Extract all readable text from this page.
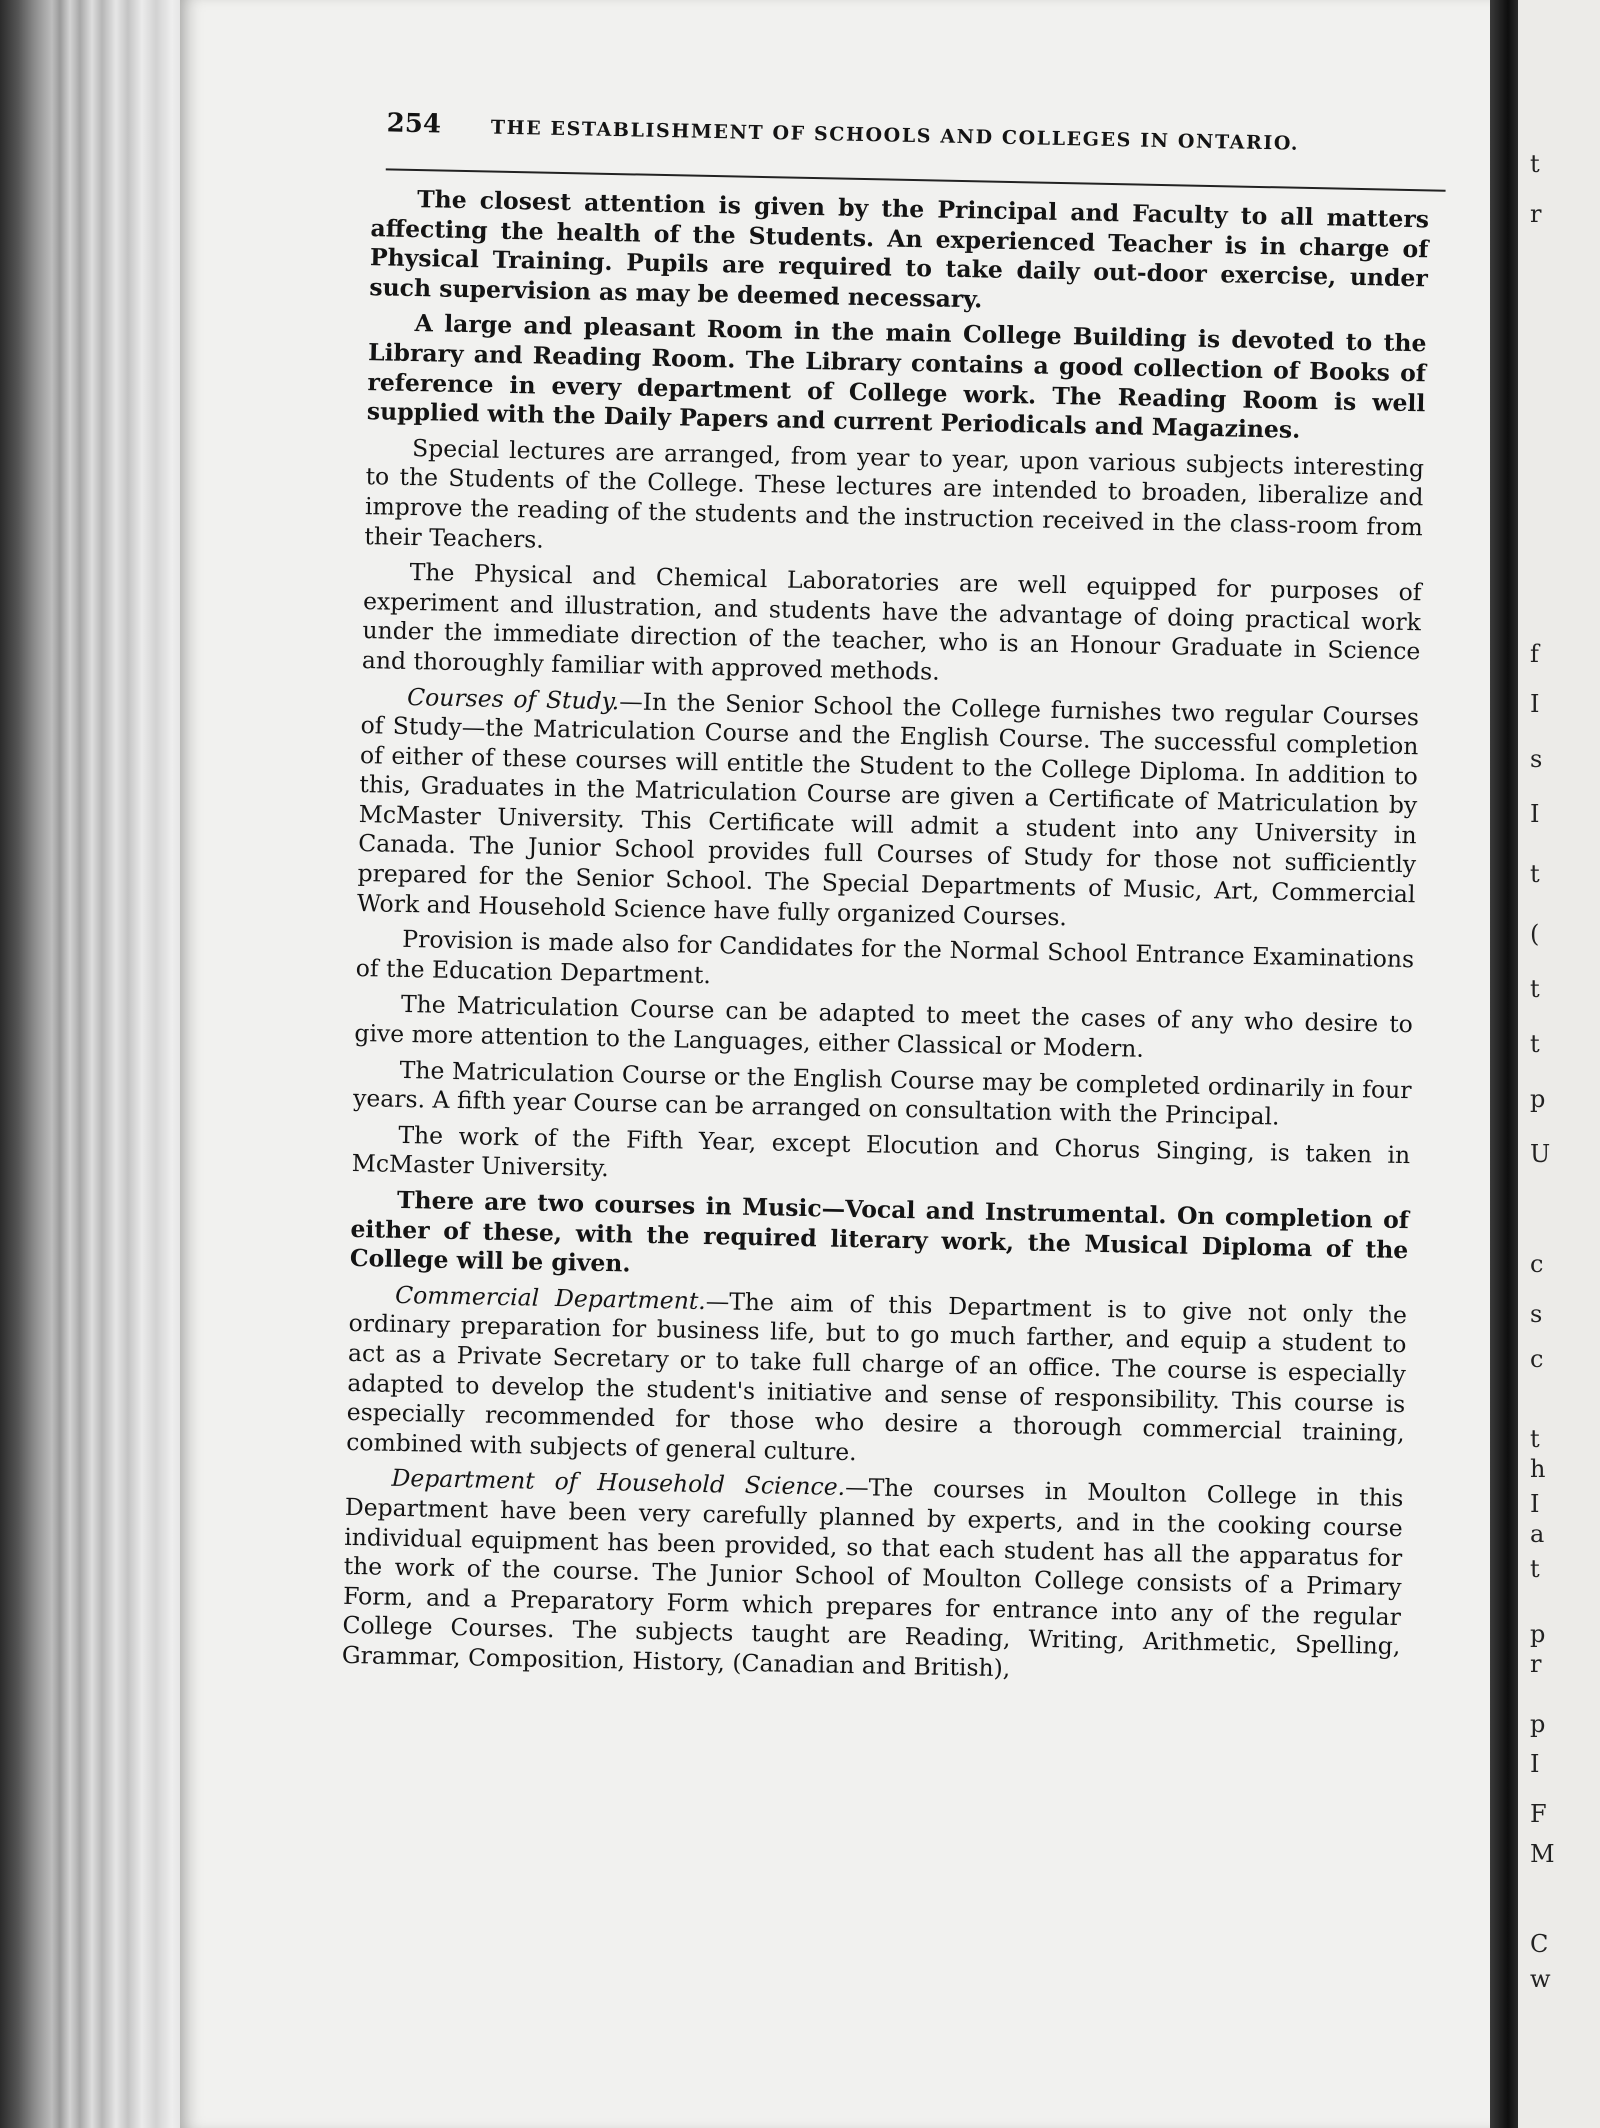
254	THE ESTABLISHMENT OF SCHOOLS AND COLLEGES IN ONTARIO.

The closest attention is given by the Principal and Faculty to all matters affecting the health of the Students. An experienced Teacher is in charge of Physical Training. Pupils are required to take daily out-door exercise, under such supervision as may be deemed necessary.

A large and pleasant Room in the main College Building is devoted to the Library and Reading Room. The Library contains a good collection of Books of reference in every department of College work. The Reading Room is well supplied with the Daily Papers and current Periodicals and Magazines.

Special lectures are arranged, from year to year, upon various subjects interesting to the Students of the College. These lectures are intended to broaden, liberalize and improve the reading of the students and the instruction received in the class-room from their Teachers.

The Physical and Chemical Laboratories are well equipped for purposes of experiment and illustration, and students have the advantage of doing practical work under the immediate direction of the teacher, who is an Honour Graduate in Science and thoroughly familiar with approved methods.

Courses of Study.—In the Senior School the College furnishes two regular Courses of Study—the Matriculation Course and the English Course. The successful completion of either of these courses will entitle the Student to the College Diploma. In addition to this, Graduates in the Matriculation Course are given a Certificate of Matriculation by McMaster University. This Certificate will admit a student into any University in Canada. The Junior School provides full Courses of Study for those not sufficiently prepared for the Senior School. The Special Departments of Music, Art, Commercial Work and Household Science have fully organized Courses.

Provision is made also for Candidates for the Normal School Entrance Examinations of the Education Department.

The Matriculation Course can be adapted to meet the cases of any who desire to give more attention to the Languages, either Classical or Modern.

The Matriculation Course or the English Course may be completed ordinarily in four years. A fifth year Course can be arranged on consultation with the Principal.

The work of the Fifth Year, except Elocution and Chorus Singing, is taken in McMaster University.

There are two courses in Music—Vocal and Instrumental. On completion of either of these, with the required literary work, the Musical Diploma of the College will be given.

Commercial Department.—The aim of this Department is to give not only the ordinary preparation for business life, but to go much farther, and equip a student to act as a Private Secretary or to take full charge of an office. The course is especially adapted to develop the student's initiative and sense of responsibility. This course is especially recommended for those who desire a thorough commercial training, combined with subjects of general culture.

Department of Household Science.—The courses in Moulton College in this Department have been very carefully planned by experts, and in the cooking course individual equipment has been provided, so that each student has all the apparatus for the work of the course. The Junior School of Moulton College consists of a Primary Form, and a Preparatory Form which prepares for entrance into any of the regular College Courses. The subjects taught are Reading, Writing, Arithmetic, Spelling, Grammar, Composition, History, (Canadian and British),

t
r
f
I
s
I
t
(
t
t
p
U
c
s
c
t
h
I
a
t
p
r
p
I
F
M
C
w
